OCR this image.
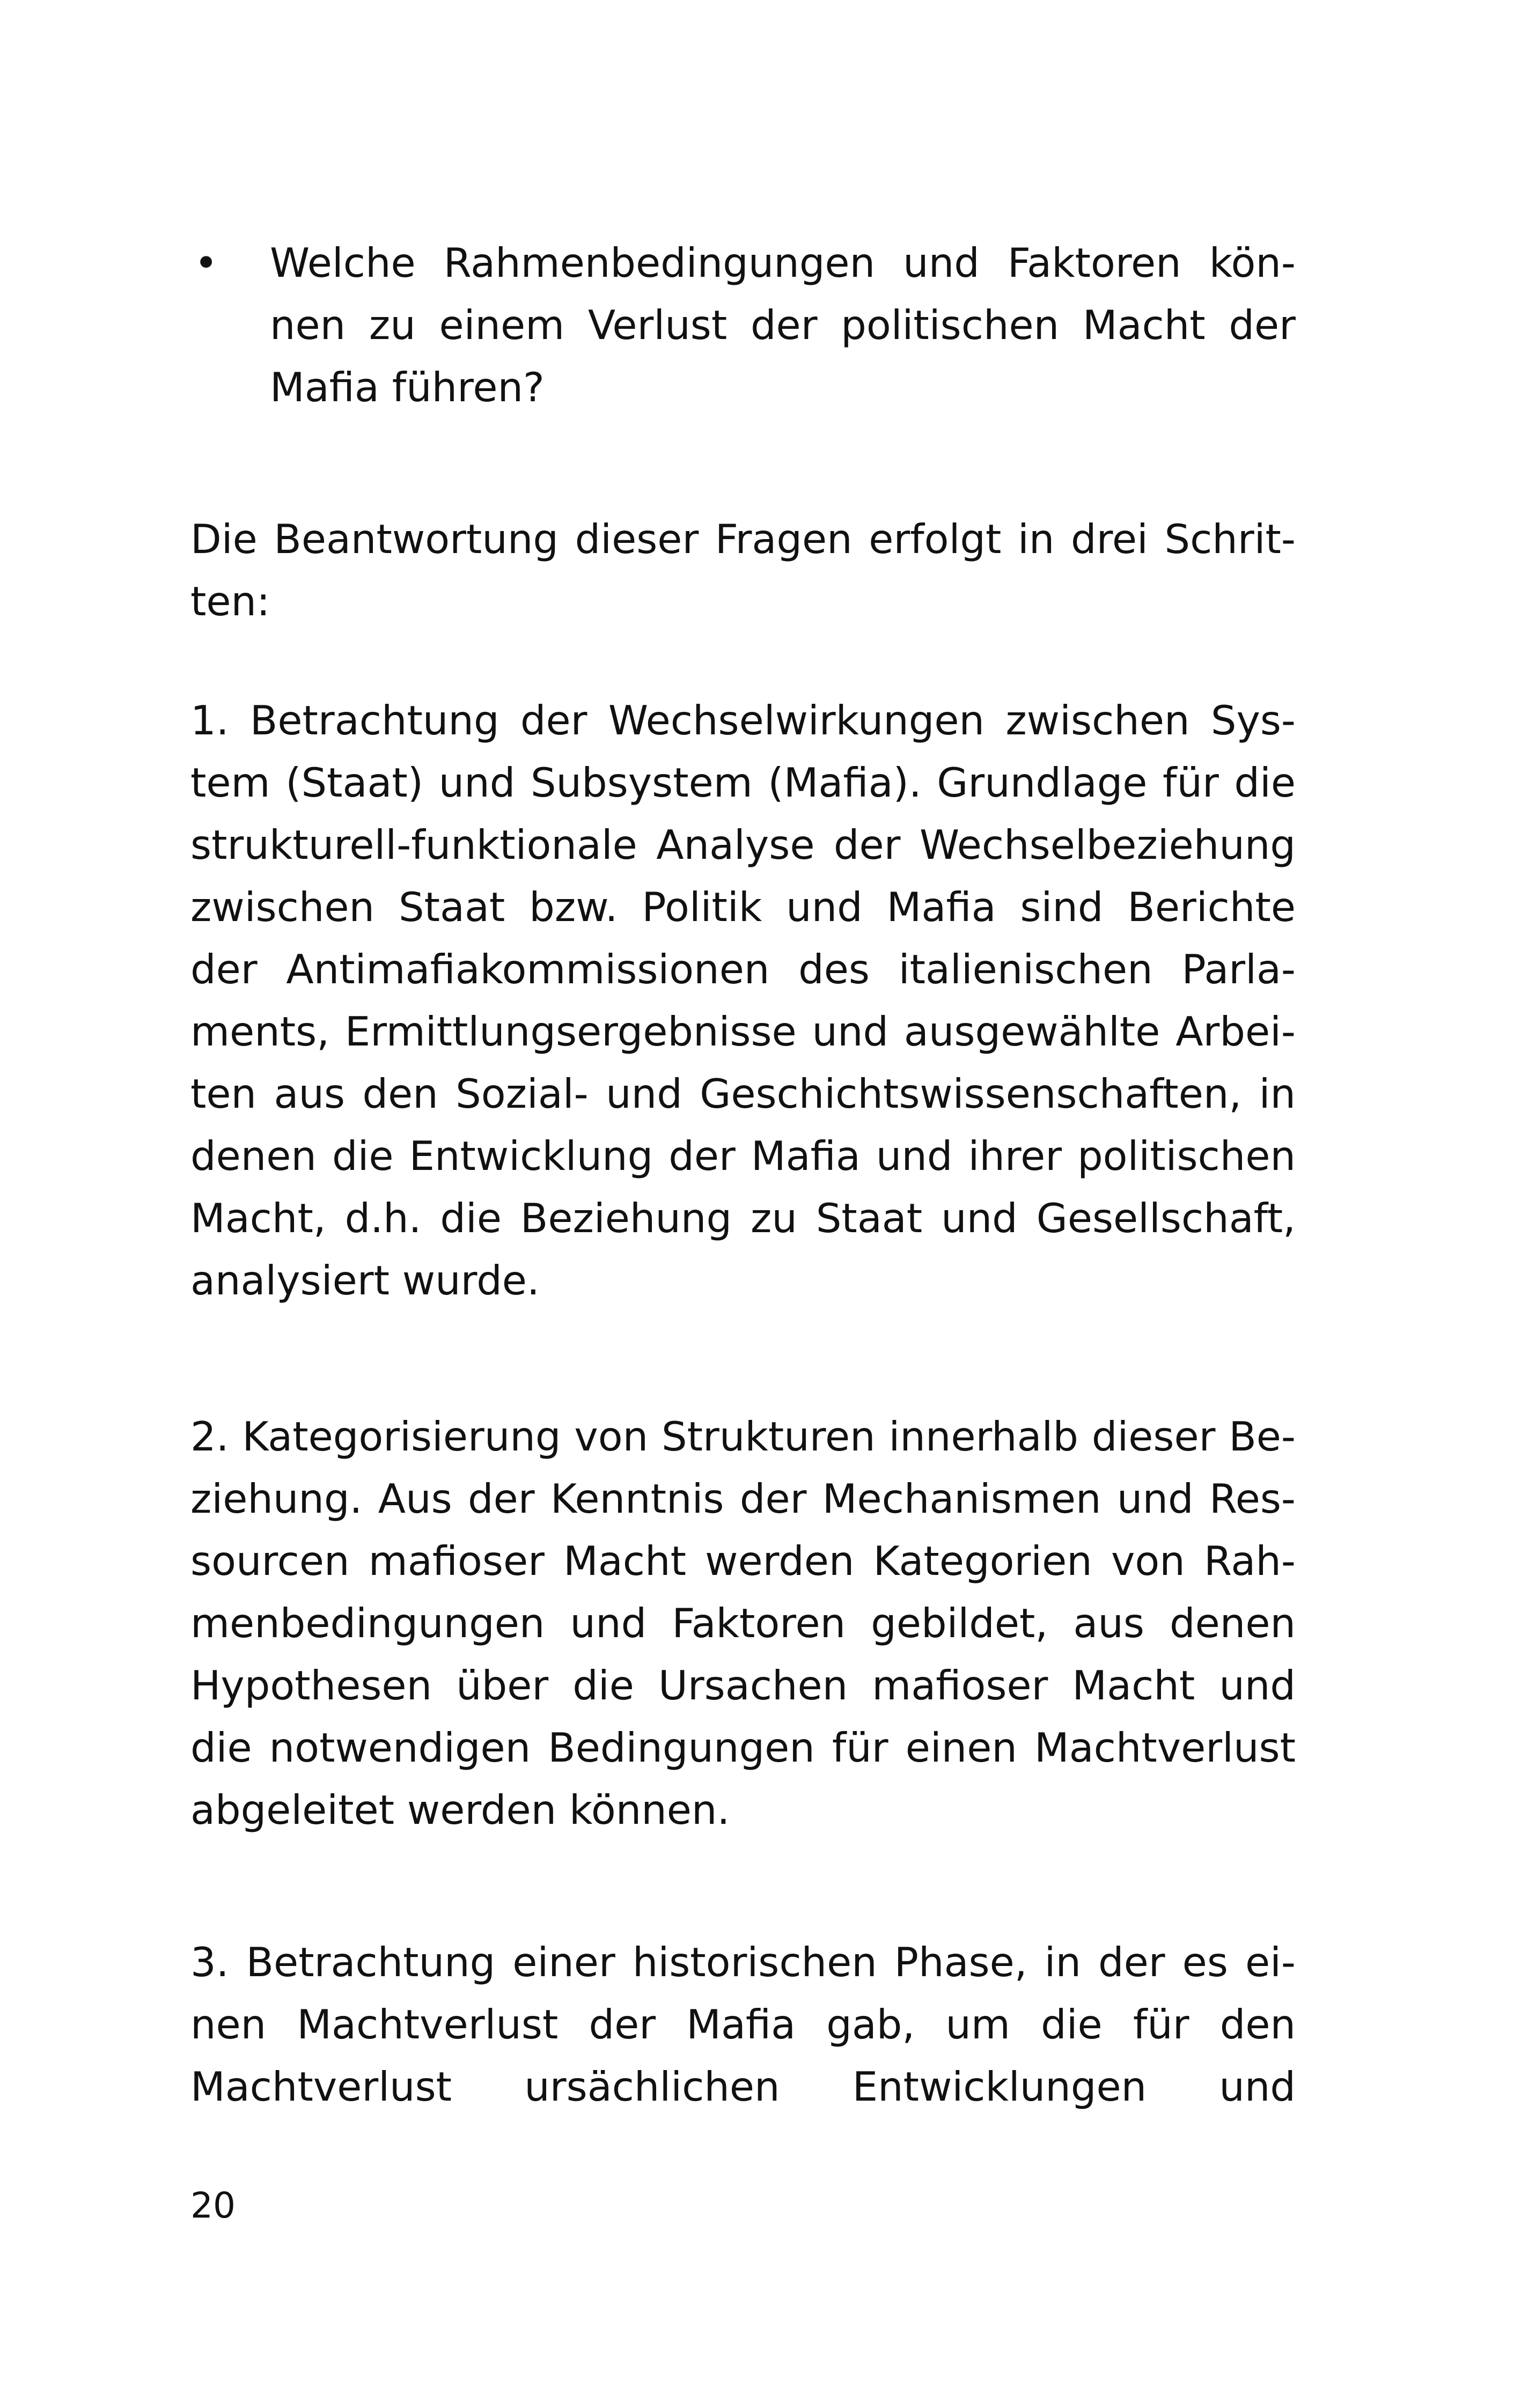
• Welche Rahmenbedingungen und Faktoren kön-

nen zu einem Verlust der politischen Macht der

Mafia führen?

Die Beantwortung dieser Fragen erfolgt in drei Schrit-

ten:

1. Betrachtung der Wechselwirkungen zwischen Sys-

tem (Staat) und Subsystem (Mafia). Grundlage für die

strukturell-funktionale Analyse der Wechselbeziehung

zwischen Staat bzw. Politik und Mafia sind Berichte

der Antimafiakommissionen des italienischen Parla-

ments, Ermittlungsergebnisse und ausgewählte Arbei-

ten aus den Sozial- und Geschichtswissenschaften, in

denen die Entwicklung der Mafia und ihrer politischen

Macht, d.h. die Beziehung zu Staat und Gesellschaft,

analysiert wurde.

2. Kategorisierung von Strukturen innerhalb dieser Be-

ziehung. Aus der Kenntnis der Mechanismen und Res-

sourcen mafioser Macht werden Kategorien von Rah-

menbedingungen und Faktoren gebildet, aus denen

Hypothesen über die Ursachen mafioser Macht und

die notwendigen Bedingungen für einen Machtverlust

abgeleitet werden können.

3. Betrachtung einer historischen Phase, in der es ei-

nen Machtverlust der Mafia gab, um die für den

Machtverlust ursächlichen Entwicklungen und

20
